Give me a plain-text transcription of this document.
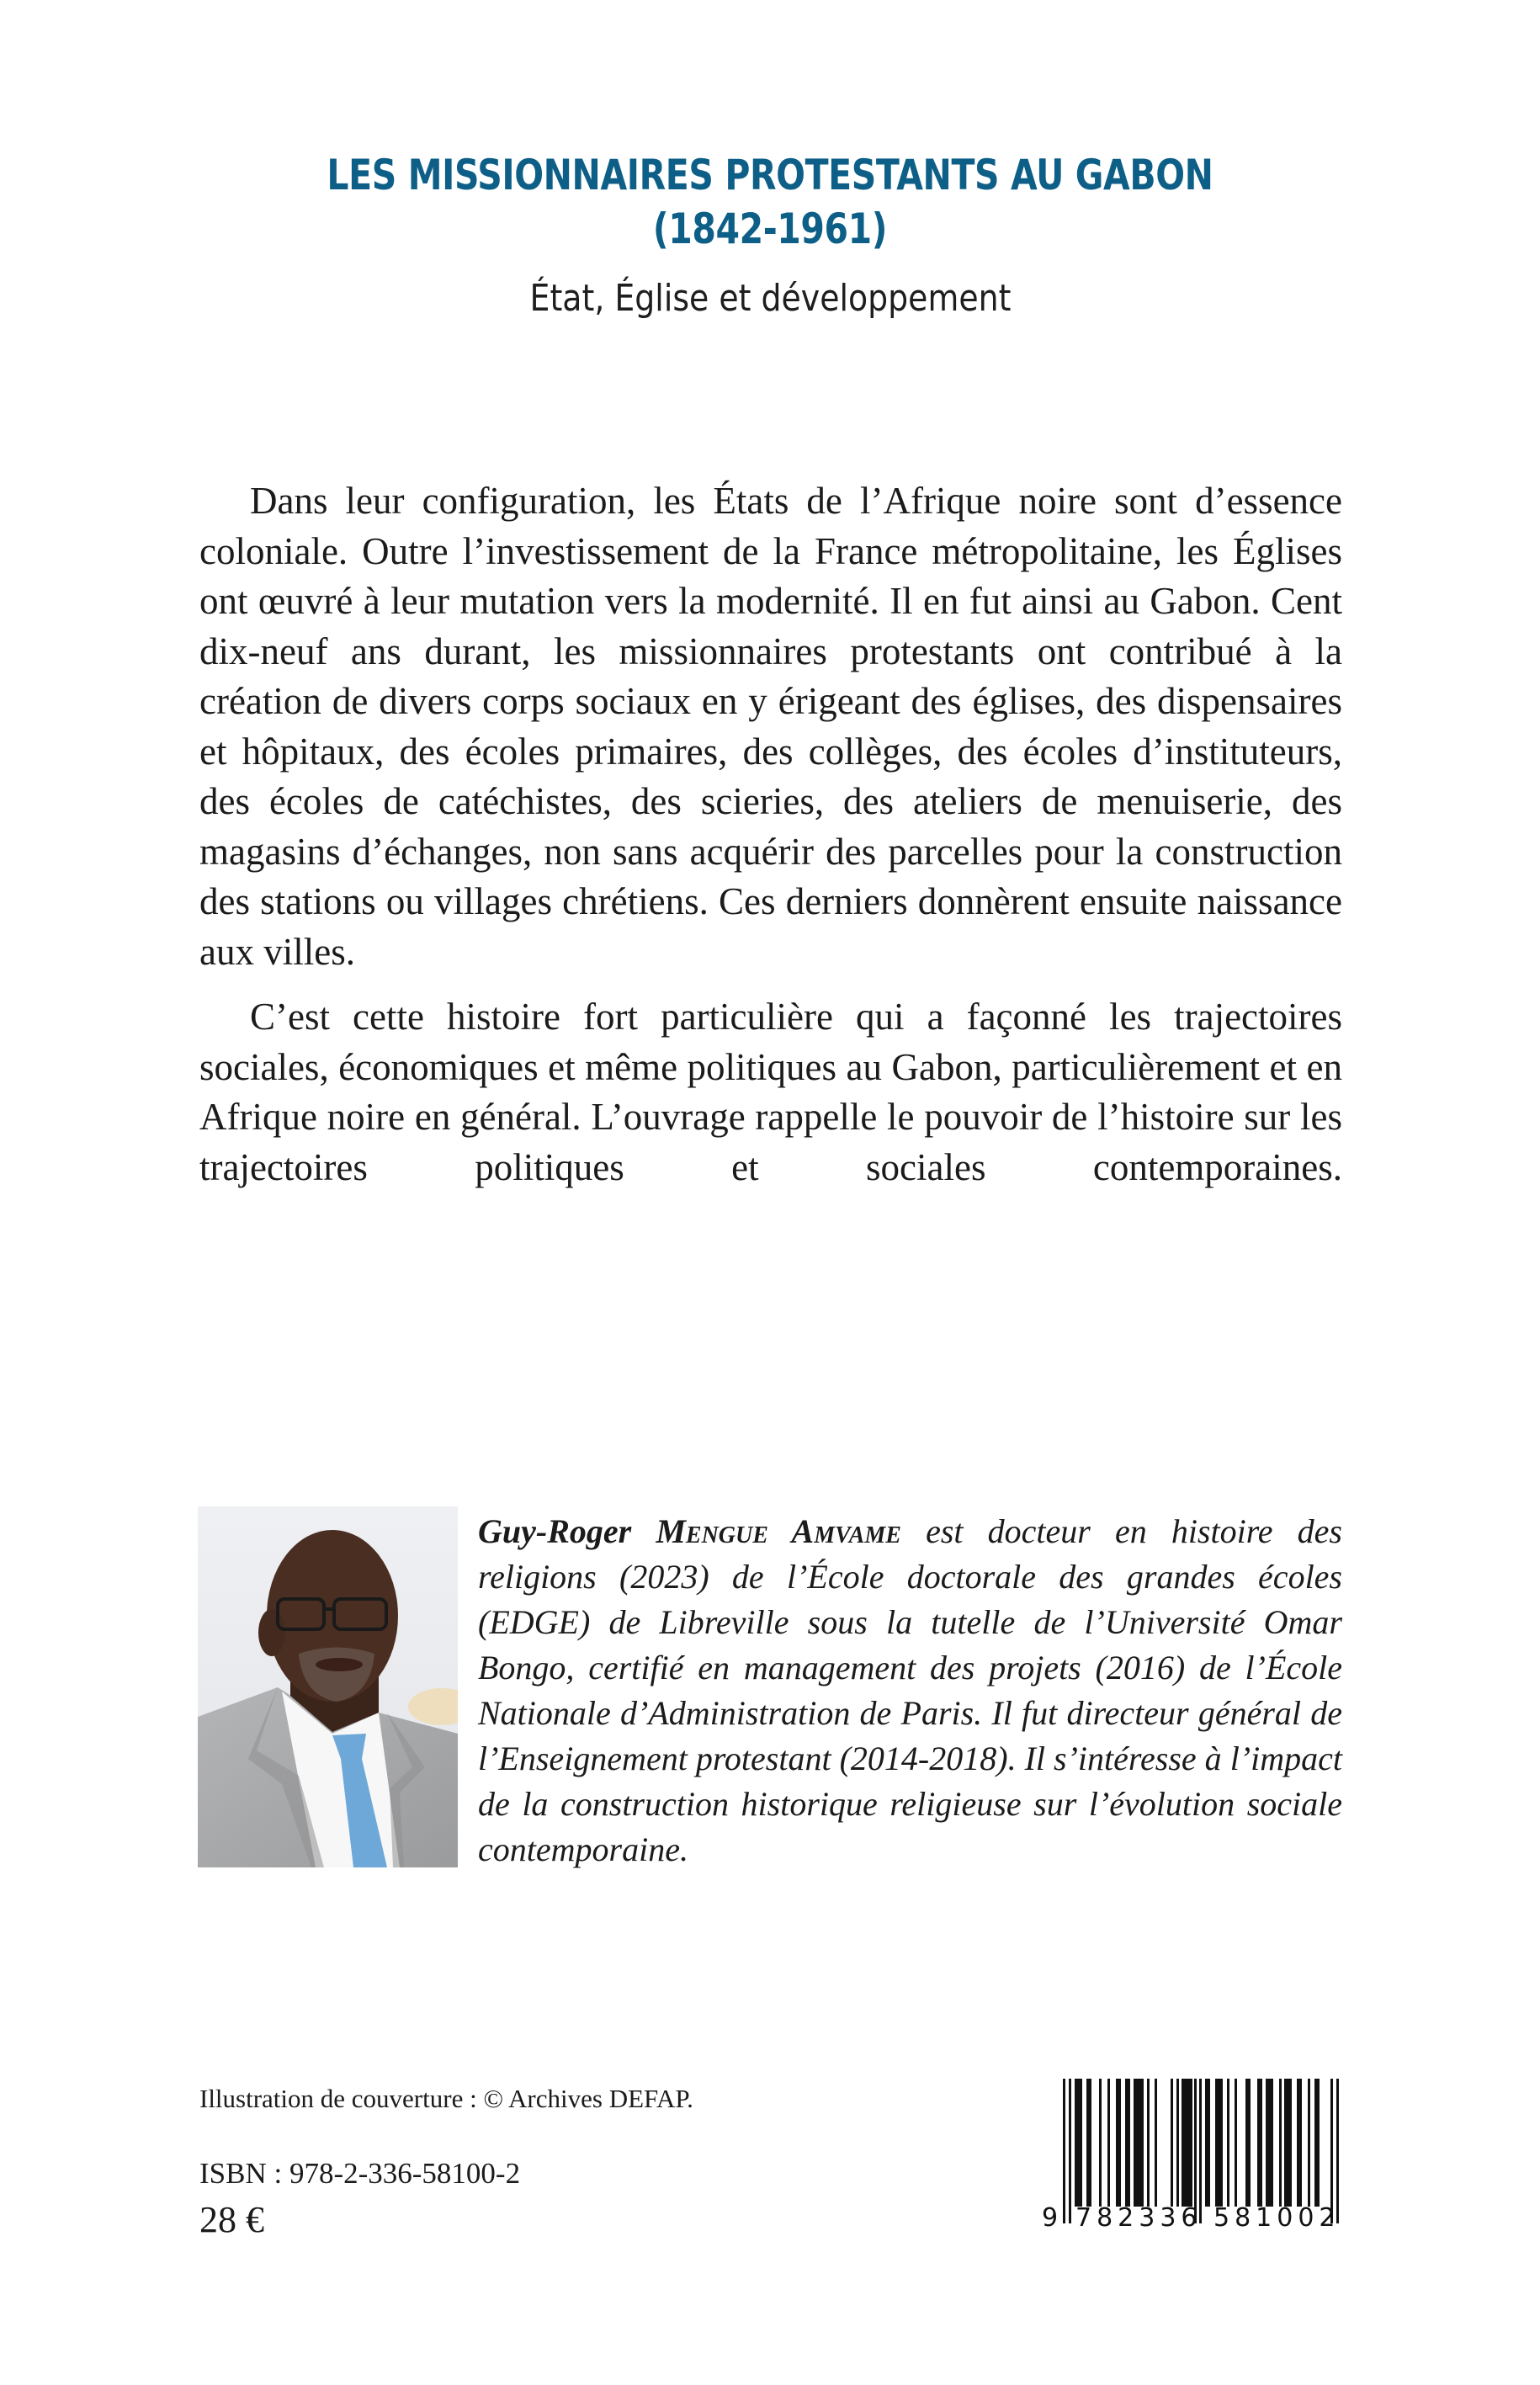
LES MISSIONNAIRES PROTESTANTS AU GABON
(1842-1961)
État, Église et développement

Dans leur configuration, les États de l’Afrique noire sont d’essence coloniale. Outre l’investissement de la France métropolitaine, les Églises ont œuvré à leur mutation vers la modernité. Il en fut ainsi au Gabon. Cent dix-neuf ans durant, les missionnaires protestants ont contribué à la création de divers corps sociaux en y érigeant des églises, des dispensaires et hôpitaux, des écoles primaires, des collèges, des écoles d’instituteurs, des écoles de catéchistes, des scieries, des ateliers de menuiserie, des magasins d’échanges, non sans acquérir des parcelles pour la construction des stations ou villages chrétiens. Ces derniers donnèrent ensuite naissance aux villes.

C’est cette histoire fort particulière qui a façonné les trajectoires sociales, économiques et même politiques au Gabon, particulièrement et en Afrique noire en général. L’ouvrage rappelle le pouvoir de l’histoire sur les trajectoires politiques et sociales contemporaines.

Guy-Roger Mengue Amvame est docteur en histoire des religions (2023) de l’École doctorale des grandes écoles (EDGE) de Libreville sous la tutelle de l’Université Omar Bongo, certifié en management des projets (2016) de l’École Nationale d’Administration de Paris. Il fut directeur général de l’Enseignement protestant (2014-2018). Il s’intéresse à l’impact de la construction historique religieuse sur l’évolution sociale contemporaine.

Illustration de couverture : © Archives DEFAP.
ISBN : 978-2-336-58100-2
28 €	9 782336 581002
